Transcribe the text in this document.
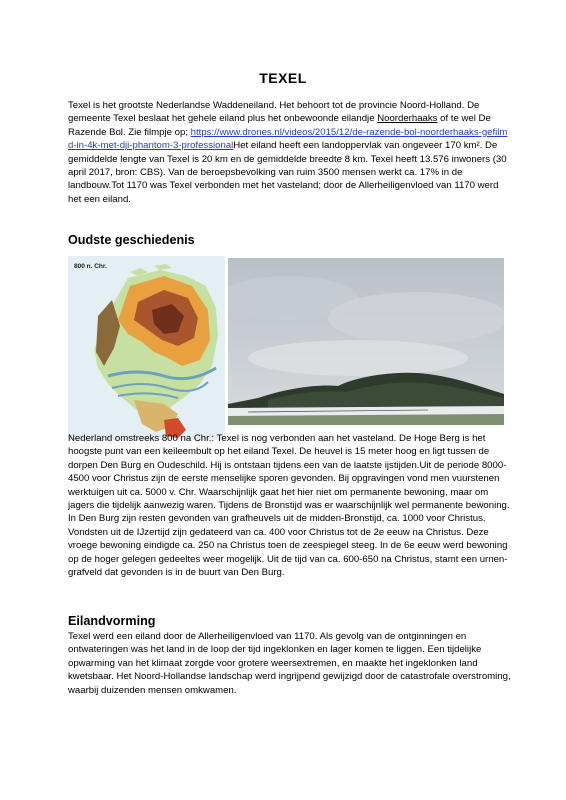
TEXEL
Texel is het grootste Nederlandse Waddeneiland. Het behoort tot de provincie Noord-Holland. De gemeente Texel beslaat het gehele eiland plus het onbewoonde eilandje Noorderhaaks of te wel De Razende Bol. Zie filmpje op; https://www.drones.nl/videos/2015/12/de-razende-bol-noorderhaaks-gefilmd-in-4k-met-dji-phantom-3-professionalHet eiland heeft een landoppervlak van ongeveer 170 km². De gemiddelde lengte van Texel is 20 km en de gemiddelde breedte 8 km. Texel heeft 13.576 inwoners (30 april 2017, bron: CBS). Van de beroepsbevolking van ruim 3500 mensen werkt ca. 17% in de landbouw.Tot 1170 was Texel verbonden met het vasteland; door de Allerheiligenvloed van 1170 werd het een eiland.
Oudste geschiedenis
800 n. Chr.
Nederland omstreeks 800 na Chr.: Texel is nog verbonden aan het vasteland. De Hoge Berg is het hoogste punt van een keileembult op het eiland Texel. De heuvel is 15 meter hoog en ligt tussen de dorpen Den Burg en Oudeschild. Hij is ontstaan tijdens een van de laatste ijstijden.Uit de periode 8000-4500 voor Christus zijn de eerste menselijke sporen gevonden. Bij opgravingen vond men vuurstenen werktuigen uit ca. 5000 v. Chr. Waarschijnlijk gaat het hier niet om permanente bewoning, maar om jagers die tijdelijk aanwezig waren. Tijdens de Bronstijd was er waarschijnlijk wel permanente bewoning. In Den Burg zijn resten gevonden van grafheuvels uit de midden-Bronstijd, ca. 1000 voor Christus. Vondsten uit de IJzertijd zijn gedateerd van ca. 400 voor Christus tot de 2e eeuw na Christus. Deze vroege bewoning eindigde ca. 250 na Christus toen de zeespiegel steeg. In de 6e eeuw werd bewoning op de hoger gelegen gedeeltes weer mogelijk. Uit de tijd van ca. 600-650 na Christus, stamt een urnen-grafveld dat gevonden is in de buurt van Den Burg.
Eilandvorming
Texel werd een eiland door de Allerheiligenvloed van 1170. Als gevolg van de ontginningen en ontwateringen was het land in de loop der tijd ingeklonken en lager komen te liggen. Een tijdelijke opwarming van het klimaat zorgde voor grotere weersextremen, en maakte het ingeklonken land kwetsbaar. Het Noord-Hollandse landschap werd ingrijpend gewijzigd door de catastrofale overstroming, waarbij duizenden mensen omkwamen.
